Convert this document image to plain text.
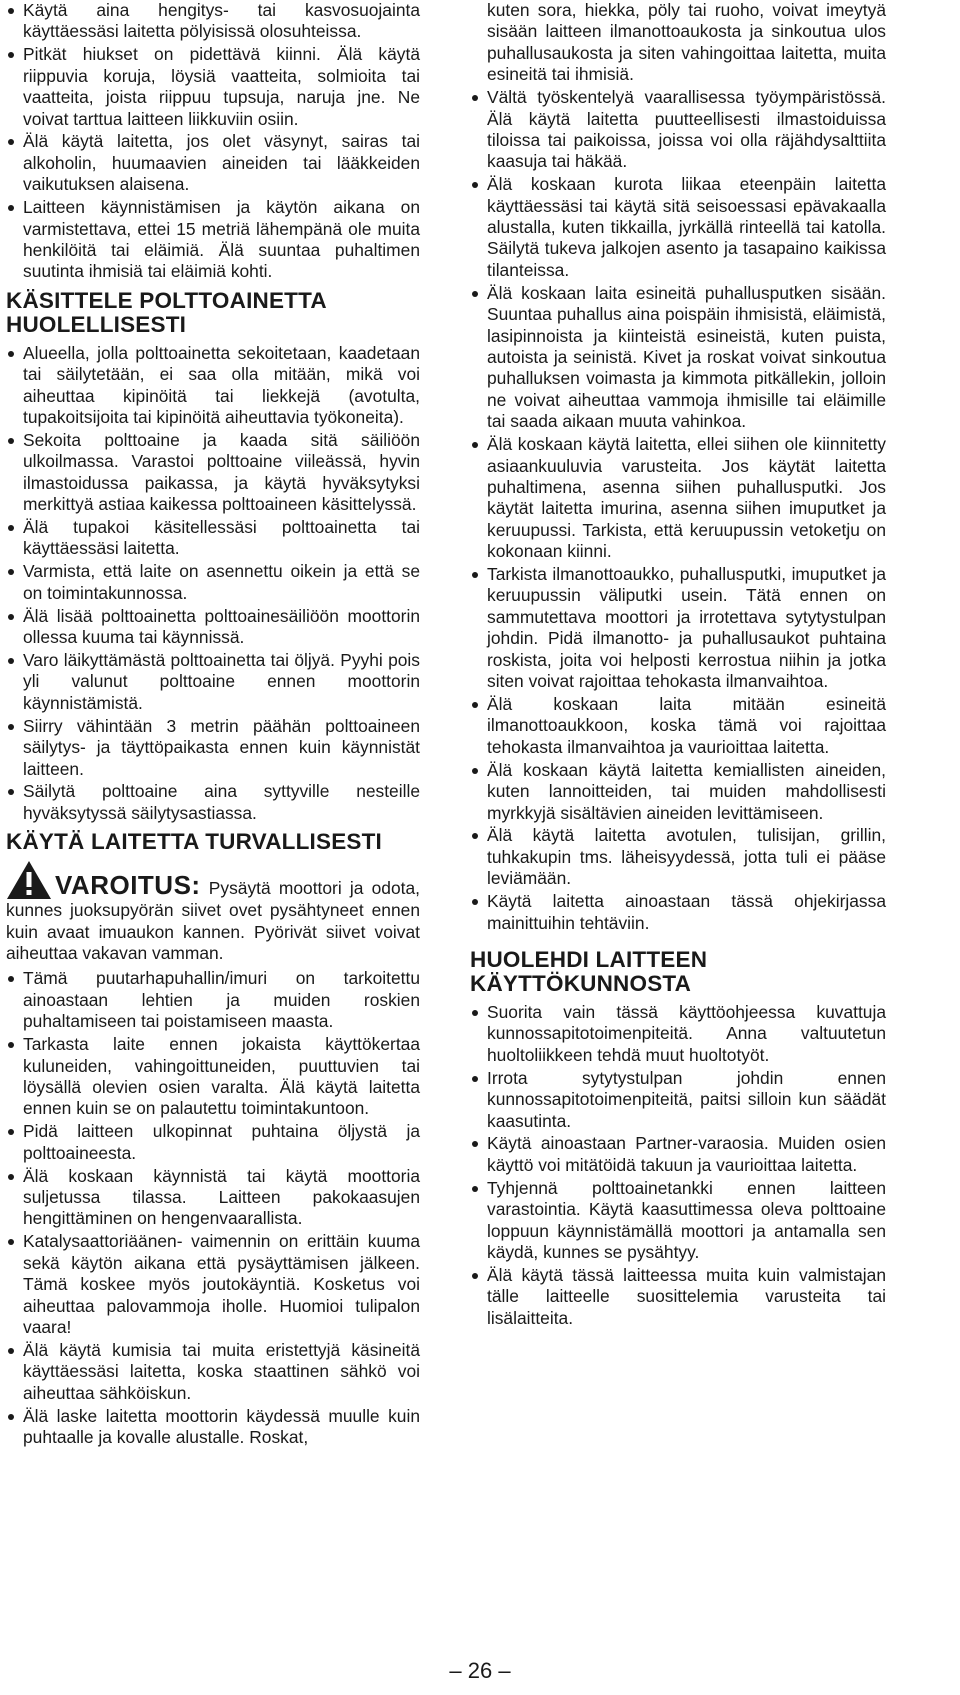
Käytä aina hengitys- tai kasvosuojainta käyttäessäsi laitetta pölyisissä olosuhteissa.
Pitkät hiukset on pidettävä kiinni. Älä käytä riippuvia koruja, löysiä vaatteita, solmioita tai vaatteita, joista riippuu tupsuja, naruja jne. Ne voivat tarttua laitteen liikkuviin osiin.
Älä käytä laitetta, jos olet väsynyt, sairas tai alkoholin, huumaavien aineiden tai lääkkeiden vaikutuksen alaisena.
Laitteen käynnistämisen ja käytön aikana on varmistettava, ettei 15 metriä lähempänä ole muita henkilöitä tai eläimiä. Älä suuntaa puhaltimen suutinta ihmisiä tai eläimiä kohti.
KÄSITTELE POLTTOAINETTA HUOLELLISESTI
Alueella, jolla polttoainetta sekoitetaan, kaadetaan tai säilytetään, ei saa olla mitään, mikä voi aiheuttaa kipinöitä tai liekkejä (avotulta, tupakoitsijoita tai kipinöitä aiheuttavia työkoneita).
Sekoita polttoaine ja kaada sitä säiliöön ulkoilmassa. Varastoi polttoaine viileässä, hyvin ilmastoidussa paikassa, ja käytä hyväksytyksi merkittyä astiaa kaikessa polttoaineen käsittelyssä.
Älä tupakoi käsitellessäsi polttoainetta tai käyttäessäsi laitetta.
Varmista, että laite on asennettu oikein ja että se on toimintakunnossa.
Älä lisää polttoainetta polttoainesäiliöön moottorin ollessa kuuma tai käynnissä.
Varo läikyttämästä polttoainetta tai öljyä. Pyyhi pois yli valunut polttoaine ennen moottorin käynnistämistä.
Siirry vähintään 3 metrin päähän polttoaineen säilytys- ja täyttöpaikasta ennen kuin käynnistät laitteen.
Säilytä polttoaine aina syttyville nesteille hyväksytyssä säilytysastiassa.
KÄYTÄ LAITETTA TURVALLISESTI
VAROITUS: Pysäytä moottori ja odota, kunnes juoksupyörän siivet ovet pysähtyneet ennen kuin avaat imuaukon kannen. Pyörivät siivet voivat aiheuttaa vakavan vamman.
Tämä puutarhapuhallin/imuri on tarkoitettu ainoastaan lehtien ja muiden roskien puhaltamiseen tai poistamiseen maasta.
Tarkasta laite ennen jokaista käyttökertaa kuluneiden, vahingoittuneiden, puuttuvien tai löysällä olevien osien varalta. Älä käytä laitetta ennen kuin se on palautettu toimintakuntoon.
Pidä laitteen ulkopinnat puhtaina öljystä ja polttoaineesta.
Älä koskaan käynnistä tai käytä moottoria suljetussa tilassa. Laitteen pakokaasujen hengittäminen on hengenvaarallista.
Katalysaattoriäänen- vaimennin on erittäin kuuma sekä käytön aikana että pysäyttämisen jälkeen. Tämä koskee myös joutokäyntiä. Kosketus voi aiheuttaa palovammoja iholle. Huomioi tulipalon vaara!
Älä käytä kumisia tai muita eristettyjä käsineitä käyttäessäsi laitetta, koska staattinen sähkö voi aiheuttaa sähköiskun.
Älä laske laitetta moottorin käydessä muulle kuin puhtaalle ja kovalle alustalle. Roskat,
kuten sora, hiekka, pöly tai ruoho, voivat imeytyä sisään laitteen ilmanottoaukosta ja sinkoutua ulos puhallusaukosta ja siten vahingoittaa laitetta, muita esineitä tai ihmisiä.
Vältä työskentelyä vaarallisessa työympäristössä. Älä käytä laitetta puutteellisesti ilmastoiduissa tiloissa tai paikoissa, joissa voi olla räjähdysalttiita kaasuja tai häkää.
Älä koskaan kurota liikaa eteenpäin laitetta käyttäessäsi tai käytä sitä seisoessasi epävakaalla alustalla, kuten tikkailla, jyrkällä rinteellä tai katolla. Säilytä tukeva jalkojen asento ja tasapaino kaikissa tilanteissa.
Älä koskaan laita esineitä puhallusputken sisään. Suuntaa puhallus aina poispäin ihmisistä, eläimistä, lasipinnoista ja kiinteistä esineistä, kuten puista, autoista ja seinistä. Kivet ja roskat voivat sinkoutua puhalluksen voimasta ja kimmota pitkällekin, jolloin ne voivat aiheuttaa vammoja ihmisille tai eläimille tai saada aikaan muuta vahinkoa.
Älä koskaan käytä laitetta, ellei siihen ole kiinnitetty asiaankuuluvia varusteita. Jos käytät laitetta puhaltimena, asenna siihen puhallusputki. Jos käytät laitetta imurina, asenna siihen imuputket ja keruupussi. Tarkista, että keruupussin vetoketju on kokonaan kiinni.
Tarkista ilmanottoaukko, puhallusputki, imuputket ja keruupussin väliputki usein. Tätä ennen on sammutettava moottori ja irrotettava sytytystulpan johdin. Pidä ilmanotto- ja puhallusaukot puhtaina roskista, joita voi helposti kerrostua niihin ja jotka siten voivat rajoittaa tehokasta ilmanvaihtoa.
Älä koskaan laita mitään esineitä ilmanottoaukkoon, koska tämä voi rajoittaa tehokasta ilmanvaihtoa ja vaurioittaa laitetta.
Älä koskaan käytä laitetta kemiallisten aineiden, kuten lannoitteiden, tai muiden mahdollisesti myrkkyjä sisältävien aineiden levittämiseen.
Älä käytä laitetta avotulen, tulisijan, grillin, tuhkakupin tms. läheisyydessä, jotta tuli ei pääse leviämään.
Käytä laitetta ainoastaan tässä ohjekirjassa mainittuihin tehtäviin.
HUOLEHDI LAITTEEN KÄYTTÖKUNNOSTA
Suorita vain tässä käyttöohjeessa kuvattuja kunnossapitotoimenpiteitä. Anna valtuutetun huoltoliikkeen tehdä muut huoltotyöt.
Irrota sytytystulpan johdin ennen kunnossapitotoimenpiteitä, paitsi silloin kun säädät kaasutinta.
Käytä ainoastaan Partner-varaosia. Muiden osien käyttö voi mitätöidä takuun ja vaurioittaa laitetta.
Tyhjennä polttoainetankki ennen laitteen varastointia. Käytä kaasuttimessa oleva polttoaine loppuun käynnistämällä moottori ja antamalla sen käydä, kunnes se pysähtyy.
Älä käytä tässä laitteessa muita kuin valmistajan tälle laitteelle suosittelemia varusteita tai lisälaitteita.
– 26 –
